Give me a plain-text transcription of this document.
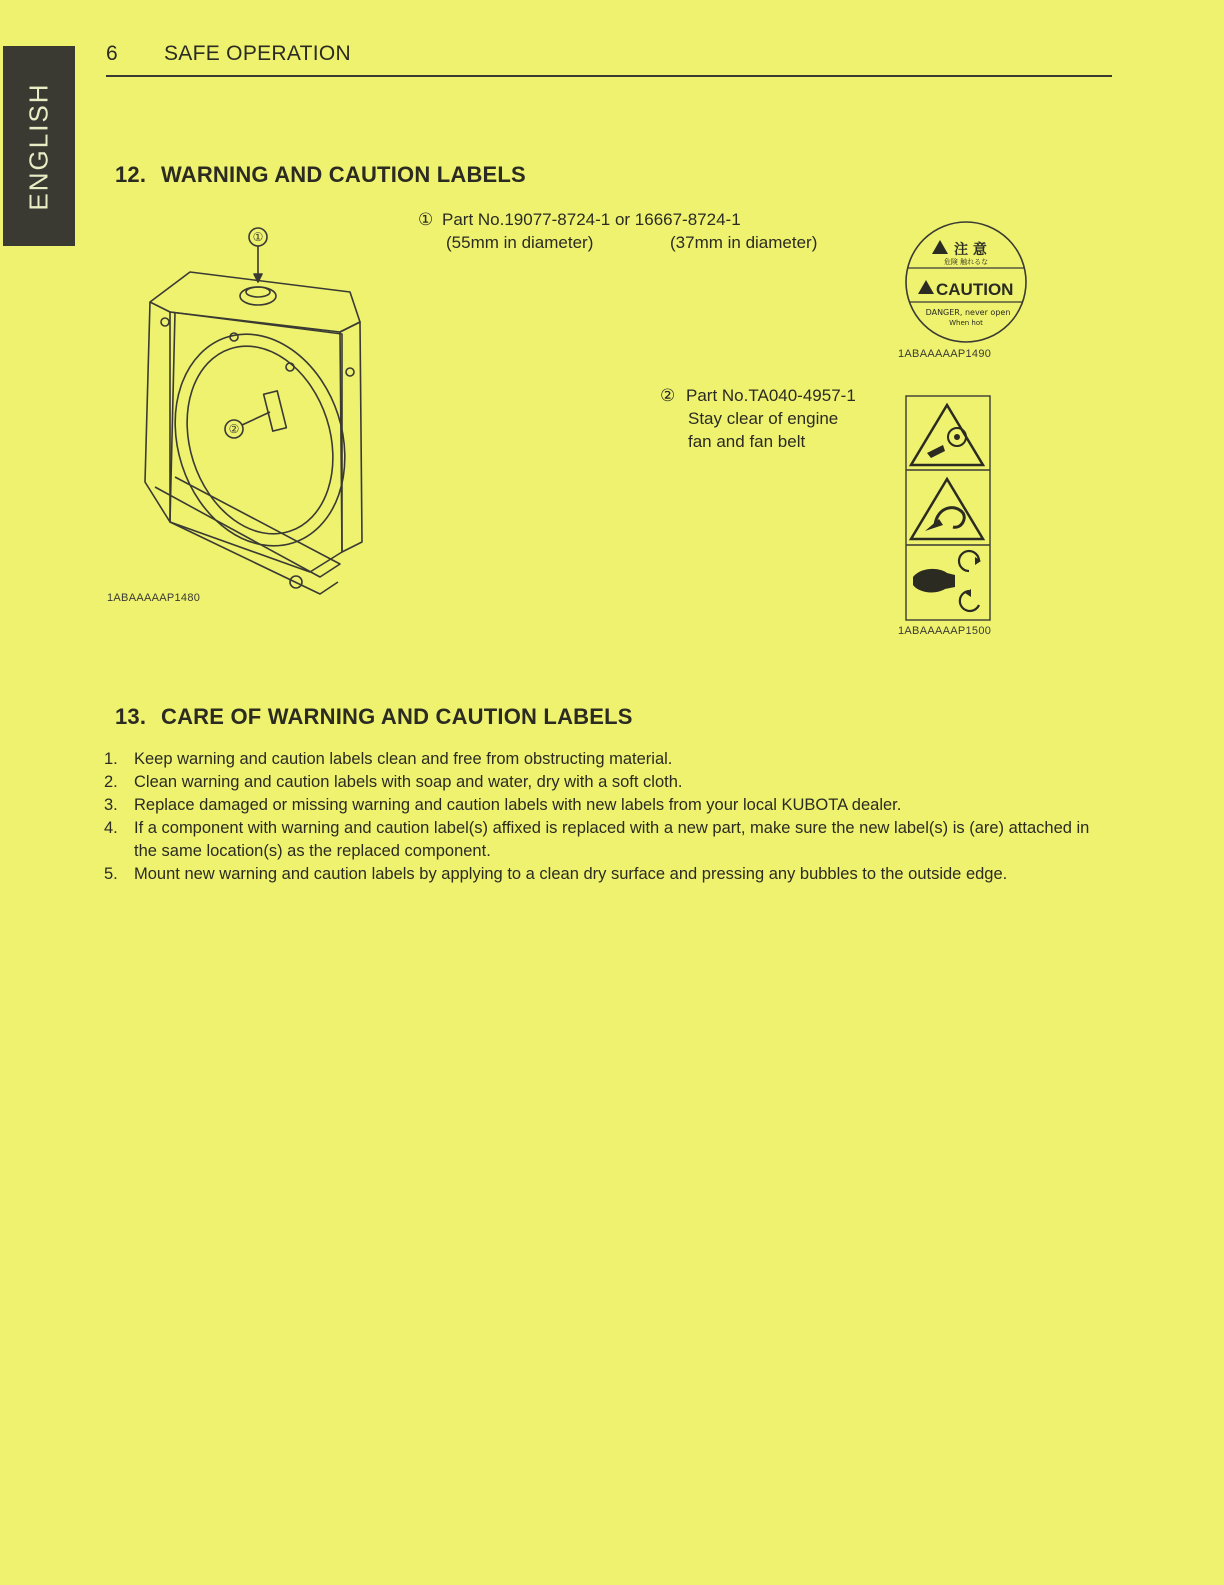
ENGLISH
6 SAFE OPERATION
12. WARNING AND CAUTION LABELS
①
②
1ABAAAAAP1480
① Part No.19077-8724-1 or 16667-8724-1
(55mm in diameter)	(37mm in diameter)	注 意
危険 触れるな
CAUTION
DANGER, never open
When hot
1ABAAAAAP1490
② Part No.TA040-4957-1
Stay clear of engine
fan and fan belt
1ABAAAAAP1500
13. CARE OF WARNING AND CAUTION LABELS
1. Keep warning and caution labels clean and free from obstructing material.
2. Clean warning and caution labels with soap and water, dry with a soft cloth.
3. Replace damaged or missing warning and caution labels with new labels from your local KUBOTA dealer.
4. If a component with warning and caution label(s) affixed is replaced with a new part, make sure the new label(s) is (are) attached in the same location(s) as the replaced component.
5. Mount new warning and caution labels by applying to a clean dry surface and pressing any bubbles to the outside edge.
